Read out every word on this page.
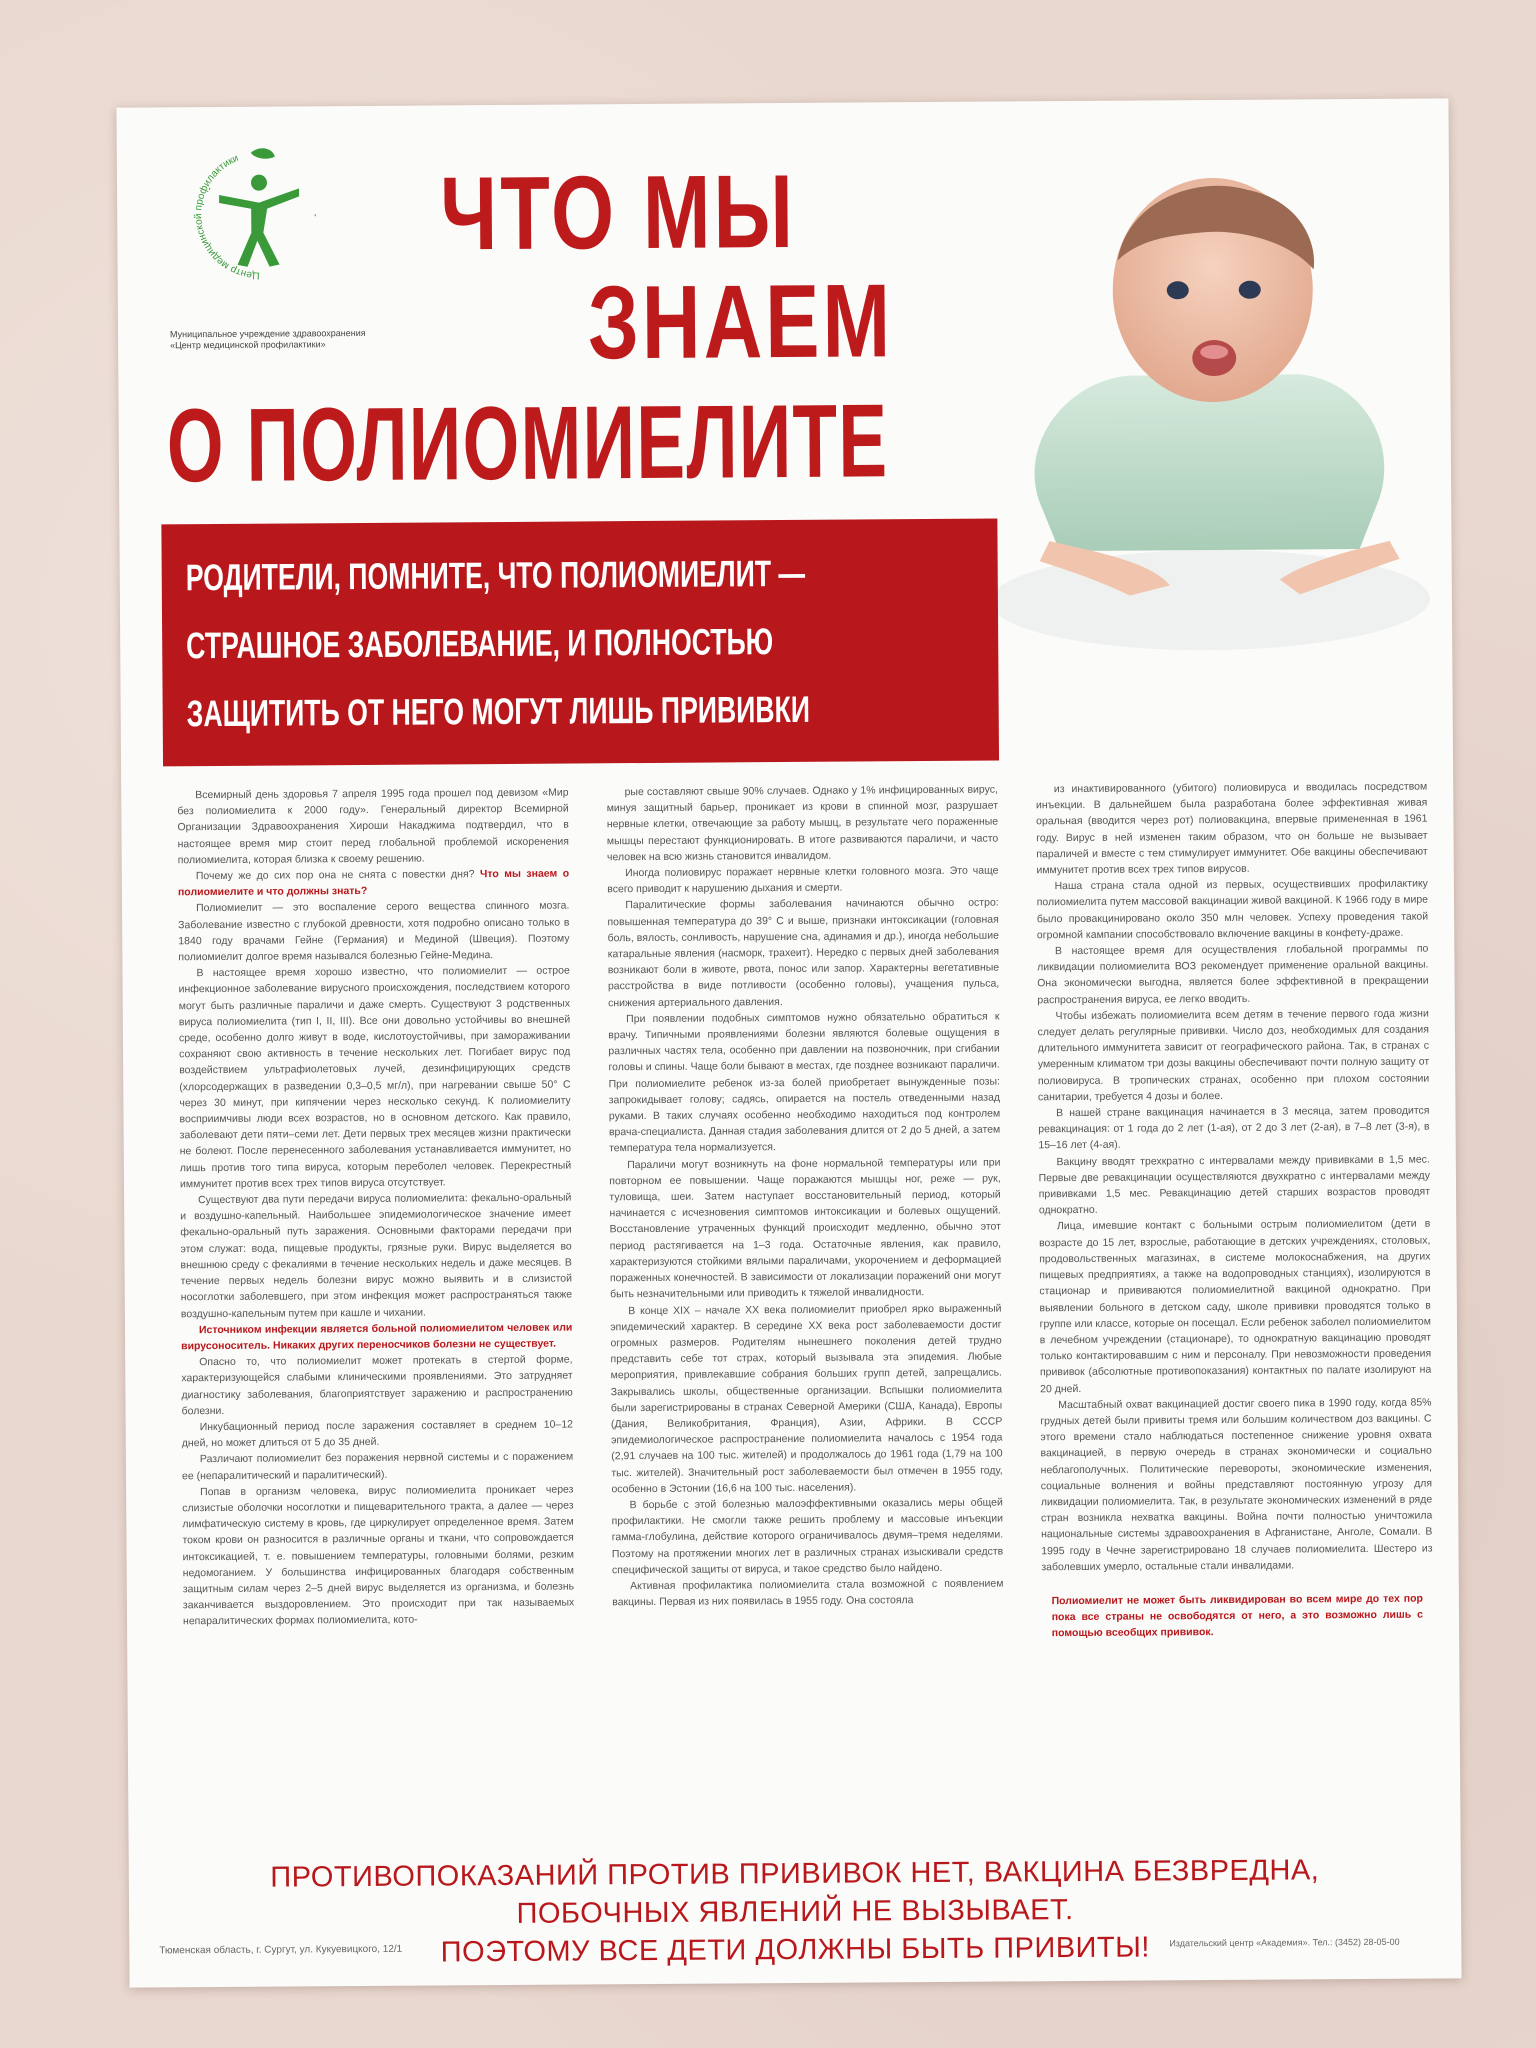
Центр медицинской профилактики
Муниципальное учреждение здравоохранения
«Центр медицинской профилактики»
ЧТО МЫ
ЗНАЕМ
О ПОЛИОМИЕЛИТЕ
РОДИТЕЛИ, ПОМНИТЕ, ЧТО ПОЛИОМИЕЛИТ —
СТРАШНОЕ ЗАБОЛЕВАНИЕ, И ПОЛНОСТЬЮ
ЗАЩИТИТЬ ОТ НЕГО МОГУТ ЛИШЬ ПРИВИВКИ

Всемирный день здоровья 7 апреля 1995 года прошел под девизом «Мир без полиомиелита к 2000 году». Генеральный директор Всемирной Организации Здравоохранения Хироши Накаджима подтвердил, что в настоящее время мир стоит перед глобальной проблемой искоренения полиомиелита, которая близка к своему решению.

Почему же до сих пор она не снята с повестки дня? Что мы знаем о полиомиелите и что должны знать?

Полиомиелит — это воспаление серого вещества спинного мозга. Заболевание известно с глубокой древности, хотя подробно описано только в 1840 году врачами Гейне (Германия) и Мединой (Швеция). Поэтому полиомиелит долгое время назывался болезнью Гейне-Медина.

В настоящее время хорошо известно, что полиомиелит — острое инфекционное заболевание вирусного происхождения, последствием которого могут быть различные параличи и даже смерть. Существуют 3 родственных вируса полиомиелита (тип I, II, III). Все они довольно устойчивы во внешней среде, особенно долго живут в воде, кислотоустойчивы, при замораживании сохраняют свою активность в течение нескольких лет. Погибает вирус под воздействием ультрафиолетовых лучей, дезинфицирующих средств (хлорсодержащих в разведении 0,3–0,5 мг/л), при нагревании свыше 50° С через 30 минут, при кипячении через несколько секунд. К полиомиелиту восприимчивы люди всех возрастов, но в основном детского. Как правило, заболевают дети пяти–семи лет. Дети первых трех месяцев жизни практически не болеют. После перенесенного заболевания устанавливается иммунитет, но лишь против того типа вируса, которым переболел человек. Перекрестный иммунитет против всех трех типов вируса отсутствует.

Существуют два пути передачи вируса полиомиелита: фекально-оральный и воздушно-капельный. Наибольшее эпидемиологическое значение имеет фекально-оральный путь заражения. Основными факторами передачи при этом служат: вода, пищевые продукты, грязные руки. Вирус выделяется во внешнюю среду с фекалиями в течение нескольких недель и даже месяцев. В течение первых недель болезни вирус можно выявить и в слизистой носоглотки заболевшего, при этом инфекция может распространяться также воздушно-капельным путем при кашле и чихании.

Источником инфекции является больной полиомиелитом человек или вирусоноситель. Никаких других переносчиков болезни не существует.

Опасно то, что полиомиелит может протекать в стертой форме, характеризующейся слабыми клиническими проявлениями. Это затрудняет диагностику заболевания, благоприятствует заражению и распространению болезни.

Инкубационный период после заражения составляет в среднем 10–12 дней, но может длиться от 5 до 35 дней.

Различают полиомиелит без поражения нервной системы и с поражением ее (непаралитический и паралитический).

Попав в организм человека, вирус полиомиелита проникает через слизистые оболочки носоглотки и пищеварительного тракта, а далее — через лимфатическую систему в кровь, где циркулирует определенное время. Затем током крови он разносится в различные органы и ткани, что сопровождается интоксикацией, т. е. повышением температуры, головными болями, резким недомоганием. У большинства инфицированных благодаря собственным защитным силам через 2–5 дней вирус выделяется из организма, и болезнь заканчивается выздоровлением. Это происходит при так называемых непаралитических формах полиомиелита, кото-

рые составляют свыше 90% случаев. Однако у 1% инфицированных вирус, минуя защитный барьер, проникает из крови в спинной мозг, разрушает нервные клетки, отвечающие за работу мышц, в результате чего пораженные мышцы перестают функционировать. В итоге развиваются параличи, и часто человек на всю жизнь становится инвалидом.

Иногда полиовирус поражает нервные клетки головного мозга. Это чаще всего приводит к нарушению дыхания и смерти.

Паралитические формы заболевания начинаются обычно остро: повышенная температура до 39° С и выше, признаки интоксикации (головная боль, вялость, сонливость, нарушение сна, адинамия и др.), иногда небольшие катаральные явления (насморк, трахеит). Нередко с первых дней заболевания возникают боли в животе, рвота, понос или запор. Характерны вегетативные расстройства в виде потливости (особенно головы), учащения пульса, снижения артериального давления.

При появлении подобных симптомов нужно обязательно обратиться к врачу. Типичными проявлениями болезни являются болевые ощущения в различных частях тела, особенно при давлении на позвоночник, при сгибании головы и спины. Чаще боли бывают в местах, где позднее возникают параличи. При полиомиелите ребенок из-за болей приобретает вынужденные позы: запрокидывает голову; садясь, опирается на постель отведенными назад руками. В таких случаях особенно необходимо находиться под контролем врача-специалиста. Данная стадия заболевания длится от 2 до 5 дней, а затем температура тела нормализуется.

Параличи могут возникнуть на фоне нормальной температуры или при повторном ее повышении. Чаще поражаются мышцы ног, реже — рук, туловища, шеи. Затем наступает восстановительный период, который начинается с исчезновения симптомов интоксикации и болевых ощущений. Восстановление утраченных функций происходит медленно, обычно этот период растягивается на 1–3 года. Остаточные явления, как правило, характеризуются стойкими вялыми параличами, укорочением и деформацией пораженных конечностей. В зависимости от локализации поражений они могут быть незначительными или приводить к тяжелой инвалидности.

В конце XIX – начале XX века полиомиелит приобрел ярко выраженный эпидемический характер. В середине XX века рост заболеваемости достиг огромных размеров. Родителям нынешнего поколения детей трудно представить себе тот страх, который вызывала эта эпидемия. Любые мероприятия, привлекавшие собрания больших групп детей, запрещались. Закрывались школы, общественные организации. Вспышки полиомиелита были зарегистрированы в странах Северной Америки (США, Канада), Европы (Дания, Великобритания, Франция), Азии, Африки. В СССР эпидемиологическое распространение полиомиелита началось с 1954 года (2,91 случаев на 100 тыс. жителей) и продолжалось до 1961 года (1,79 на 100 тыс. жителей). Значительный рост заболеваемости был отмечен в 1955 году, особенно в Эстонии (16,6 на 100 тыс. населения).

В борьбе с этой болезнью малоэффективными оказались меры общей профилактики. Не смогли также решить проблему и массовые инъекции гамма-глобулина, действие которого ограничивалось двумя–тремя неделями. Поэтому на протяжении многих лет в различных странах изыскивали средств специфической защиты от вируса, и такое средство было найдено.

Активная профилактика полиомиелита стала возможной с появлением вакцины. Первая из них появилась в 1955 году. Она состояла

из инактивированного (убитого) полиовируса и вводилась посредством инъекции. В дальнейшем была разработана более эффективная живая оральная (вводится через рот) полиовакцина, впервые примененная в 1961 году. Вирус в ней изменен таким образом, что он больше не вызывает параличей и вместе с тем стимулирует иммунитет. Обе вакцины обеспечивают иммунитет против всех трех типов вирусов.

Наша страна стала одной из первых, осуществивших профилактику полиомиелита путем массовой вакцинации живой вакциной. К 1966 году в мире было провакцинировано около 350 млн человек. Успеху проведения такой огромной кампании способствовало включение вакцины в конфету-драже.

В настоящее время для осуществления глобальной программы по ликвидации полиомиелита ВОЗ рекомендует применение оральной вакцины. Она экономически выгодна, является более эффективной в прекращении распространения вируса, ее легко вводить.

Чтобы избежать полиомиелита всем детям в течение первого года жизни следует делать регулярные прививки. Число доз, необходимых для создания длительного иммунитета зависит от географического района. Так, в странах с умеренным климатом три дозы вакцины обеспечивают почти полную защиту от полиовируса. В тропических странах, особенно при плохом состоянии санитарии, требуется 4 дозы и более.

В нашей стране вакцинация начинается в 3 месяца, затем проводится ревакцинация: от 1 года до 2 лет (1-ая), от 2 до 3 лет (2-ая), в 7–8 лет (3-я), в 15–16 лет (4-ая).

Вакцину вводят трехкратно с интервалами между прививками в 1,5 мес. Первые две ревакцинации осуществляются двухкратно с интервалами между прививками 1,5 мес. Ревакцинацию детей старших возрастов проводят однократно.

Лица, имевшие контакт с больными острым полиомиелитом (дети в возрасте до 15 лет, взрослые, работающие в детских учреждениях, столовых, продовольственных магазинах, в системе молокоснабжения, на других пищевых предприятиях, а также на водопроводных станциях), изолируются в стационар и прививаются полиомиелитной вакциной однократно. При выявлении больного в детском саду, школе прививки проводятся только в группе или классе, которые он посещал. Если ребенок заболел полиомиелитом в лечебном учреждении (стационаре), то однократную вакцинацию проводят только контактировавшим с ним и персоналу. При невозможности проведения прививок (абсолютные противопоказания) контактных по палате изолируют на 20 дней.

Масштабный охват вакцинацией достиг своего пика в 1990 году, когда 85% грудных детей были привиты тремя или большим количеством доз вакцины. С этого времени стало наблюдаться постепенное снижение уровня охвата вакцинацией, в первую очередь в странах экономически и социально неблагополучных. Политические перевороты, экономические изменения, социальные волнения и войны представляют постоянную угрозу для ликвидации полиомиелита. Так, в результате экономических изменений в ряде стран возникла нехватка вакцины. Война почти полностью уничтожила национальные системы здравоохранения в Афганистане, Анголе, Сомали. В 1995 году в Чечне зарегистрировано 18 случаев полиомиелита. Шестеро из заболевших умерло, остальные стали инвалидами.

Полиомиелит не может быть ликвидирован во всем мире до тех пор пока все страны не освободятся от него, а это возможно лишь с помощью всеобщих прививок.
ПРОТИВОПОКАЗАНИЙ ПРОТИВ ПРИВИВОК НЕТ, ВАКЦИНА БЕЗВРЕДНА,
ПОБОЧНЫХ ЯВЛЕНИЙ НЕ ВЫЗЫВАЕТ.
ПОЭТОМУ ВСЕ ДЕТИ ДОЛЖНЫ БЫТЬ ПРИВИТЫ!
Тюменская область, г. Сургут, ул. Кукуевицкого, 12/1
Издательский центр «Академия». Тел.: (3452) 28-05-00
